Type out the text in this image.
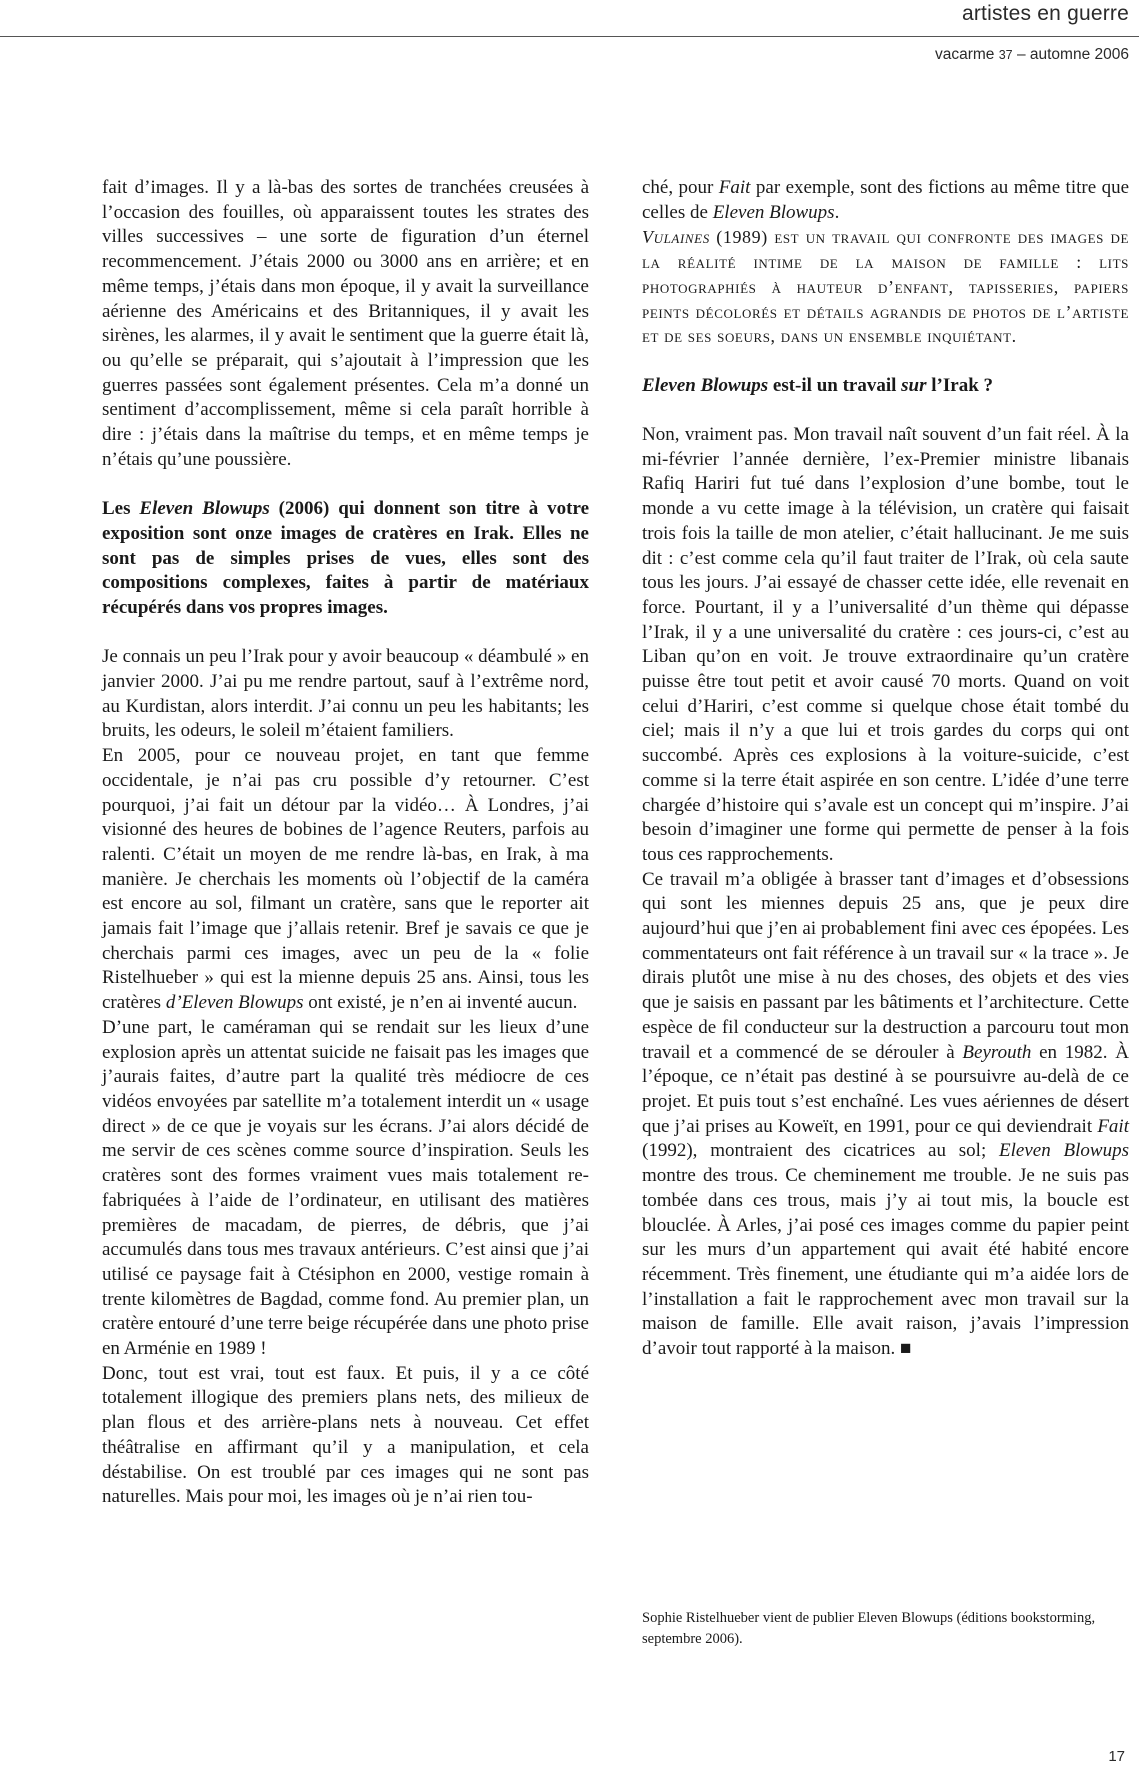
artistes en guerre
vacarme 37 – automne 2006

fait d’images. Il y a là-bas des sortes de tranchées creusées à l’occasion des fouilles, où apparaissent toutes les strates des villes successives – une sorte de figuration d’un éternel recommencement. J’étais 2000 ou 3000 ans en arrière; et en même temps, j’étais dans mon époque, il y avait la surveillance aérienne des Américains et des Britanniques, il y avait les sirènes, les alarmes, il y avait le sentiment que la guerre était là, ou qu’elle se préparait, qui s’ajoutait à l’impression que les guerres passées sont également présentes. Cela m’a donné un sentiment d’accomplissement, même si cela paraît horrible à dire : j’étais dans la maîtrise du temps, et en même temps je n’étais qu’une poussière.

Les Eleven Blowups (2006) qui donnent son titre à votre exposition sont onze images de cratères en Irak. Elles ne sont pas de simples prises de vues, elles sont des compositions complexes, faites à partir de matériaux récupérés dans vos propres images.

Je connais un peu l’Irak pour y avoir beaucoup « déambulé » en janvier 2000. J’ai pu me rendre partout, sauf à l’extrême nord, au Kurdistan, alors interdit. J’ai connu un peu les habitants; les bruits, les odeurs, le soleil m’étaient familiers.

En 2005, pour ce nouveau projet, en tant que femme occidentale, je n’ai pas cru possible d’y retourner. C’est pourquoi, j’ai fait un détour par la vidéo… À Londres, j’ai visionné des heures de bobines de l’agence Reuters, parfois au ralenti. C’était un moyen de me rendre là-bas, en Irak, à ma manière. Je cherchais les moments où l’objectif de la caméra est encore au sol, filmant un cratère, sans que le reporter ait jamais fait l’image que j’allais retenir. Bref je savais ce que je cherchais parmi ces images, avec un peu de la « folie Ristelhueber » qui est la mienne depuis 25 ans. Ainsi, tous les cratères d’Eleven Blowups ont existé, je n’en ai inventé aucun.

D’une part, le caméraman qui se rendait sur les lieux d’une explosion après un attentat suicide ne faisait pas les images que j’aurais faites, d’autre part la qualité très médiocre de ces vidéos envoyées par satellite m’a totalement interdit un « usage direct » de ce que je voyais sur les écrans. J’ai alors décidé de me servir de ces scènes comme source d’inspiration. Seuls les cratères sont des formes vraiment vues mais totalement re-fabriquées à l’aide de l’ordinateur, en utilisant des matières premières de macadam, de pierres, de débris, que j’ai accumulés dans tous mes travaux antérieurs. C’est ainsi que j’ai utilisé ce paysage fait à Ctésiphon en 2000, vestige romain à trente kilomètres de Bagdad, comme fond. Au premier plan, un cratère entouré d’une terre beige récupérée dans une photo prise en Arménie en 1989 !

Donc, tout est vrai, tout est faux. Et puis, il y a ce côté totalement illogique des premiers plans nets, des milieux de plan flous et des arrière-plans nets à nouveau. Cet effet théâtralise en affirmant qu’il y a manipulation, et cela déstabilise. On est troublé par ces images qui ne sont pas naturelles. Mais pour moi, les images où je n’ai rien tou-

ché, pour Fait par exemple, sont des fictions au même titre que celles de Eleven Blowups.

Vulaines (1989) est un travail qui confronte des images de la réalité intime de la maison de famille : lits photographiés à hauteur d’enfant, tapisseries, papiers peints décolorés et détails agrandis de photos de l’artiste et de ses soeurs, dans un ensemble inquiétant.

Eleven Blowups est-il un travail sur l’Irak ?

Non, vraiment pas. Mon travail naît souvent d’un fait réel. À la mi-février l’année dernière, l’ex-Premier ministre libanais Rafiq Hariri fut tué dans l’explosion d’une bombe, tout le monde a vu cette image à la télévision, un cratère qui faisait trois fois la taille de mon atelier, c’était hallucinant. Je me suis dit : c’est comme cela qu’il faut traiter de l’Irak, où cela saute tous les jours. J’ai essayé de chasser cette idée, elle revenait en force. Pourtant, il y a l’universalité d’un thème qui dépasse l’Irak, il y a une universalité du cratère : ces jours-ci, c’est au Liban qu’on en voit. Je trouve extraordinaire qu’un cratère puisse être tout petit et avoir causé 70 morts. Quand on voit celui d’Hariri, c’est comme si quelque chose était tombé du ciel; mais il n’y a que lui et trois gardes du corps qui ont succombé. Après ces explosions à la voiture-suicide, c’est comme si la terre était aspirée en son centre. L’idée d’une terre chargée d’histoire qui s’avale est un concept qui m’inspire. J’ai besoin d’imaginer une forme qui permette de penser à la fois tous ces rapprochements.

Ce travail m’a obligée à brasser tant d’images et d’obsessions qui sont les miennes depuis 25 ans, que je peux dire aujourd’hui que j’en ai probablement fini avec ces épopées. Les commentateurs ont fait référence à un travail sur « la trace ». Je dirais plutôt une mise à nu des choses, des objets et des vies que je saisis en passant par les bâtiments et l’architecture. Cette espèce de fil conducteur sur la destruction a parcouru tout mon travail et a commencé de se dérouler à Beyrouth en 1982. À l’époque, ce n’était pas destiné à se poursuivre au-delà de ce projet. Et puis tout s’est enchaîné. Les vues aériennes de désert que j’ai prises au Koweït, en 1991, pour ce qui deviendrait Fait (1992), montraient des cicatrices au sol; Eleven Blowups montre des trous. Ce cheminement me trouble. Je ne suis pas tombée dans ces trous, mais j’y ai tout mis, la boucle est blouclée. À Arles, j’ai posé ces images comme du papier peint sur les murs d’un appartement qui avait été habité encore récemment. Très finement, une étudiante qui m’a aidée lors de l’installation a fait le rapprochement avec mon travail sur la maison de famille. Elle avait raison, j’avais l’impression d’avoir tout rapporté à la maison. ■

Sophie Ristelhueber vient de publier Eleven Blowups (éditions bookstorming, septembre 2006).
17
